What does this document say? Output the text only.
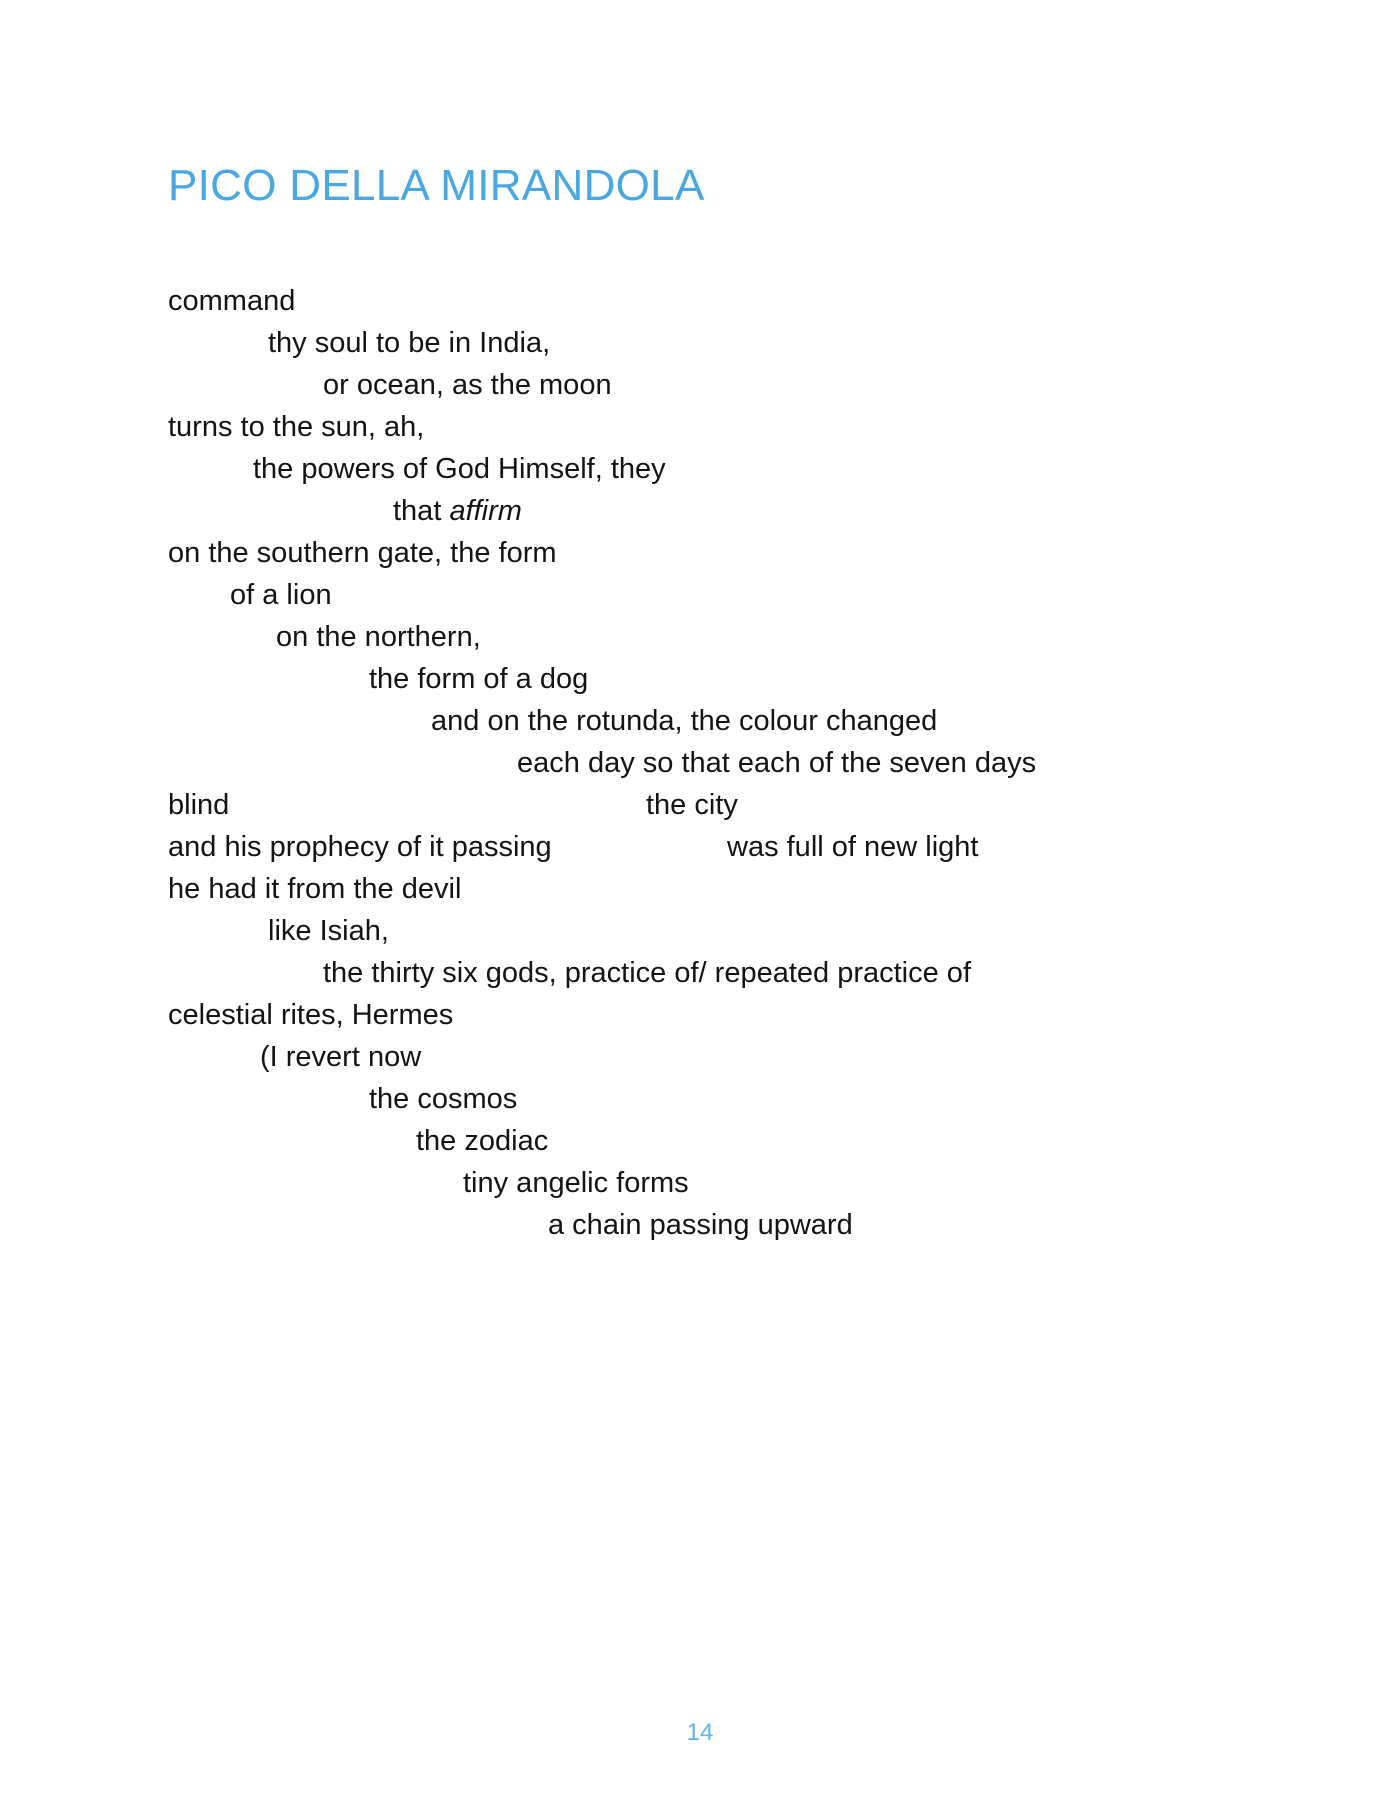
PICO DELLA MIRANDOLA
command
thy soul to be in India,
or ocean, as the moon
turns to the sun, ah,
the powers of God Himself, they
that affirm
on the southern gate, the form
of a lion
on the northern,
the form of a dog
and on the rotunda, the colour changed
each day so that each of the seven days
blind	the city
and his prophecy of it passing	was full of new light
he had it from the devil
like Isiah,
the thirty six gods, practice of/ repeated practice of
celestial rites, Hermes
(I revert now
the cosmos
the zodiac
tiny angelic forms
a chain passing upward
14
